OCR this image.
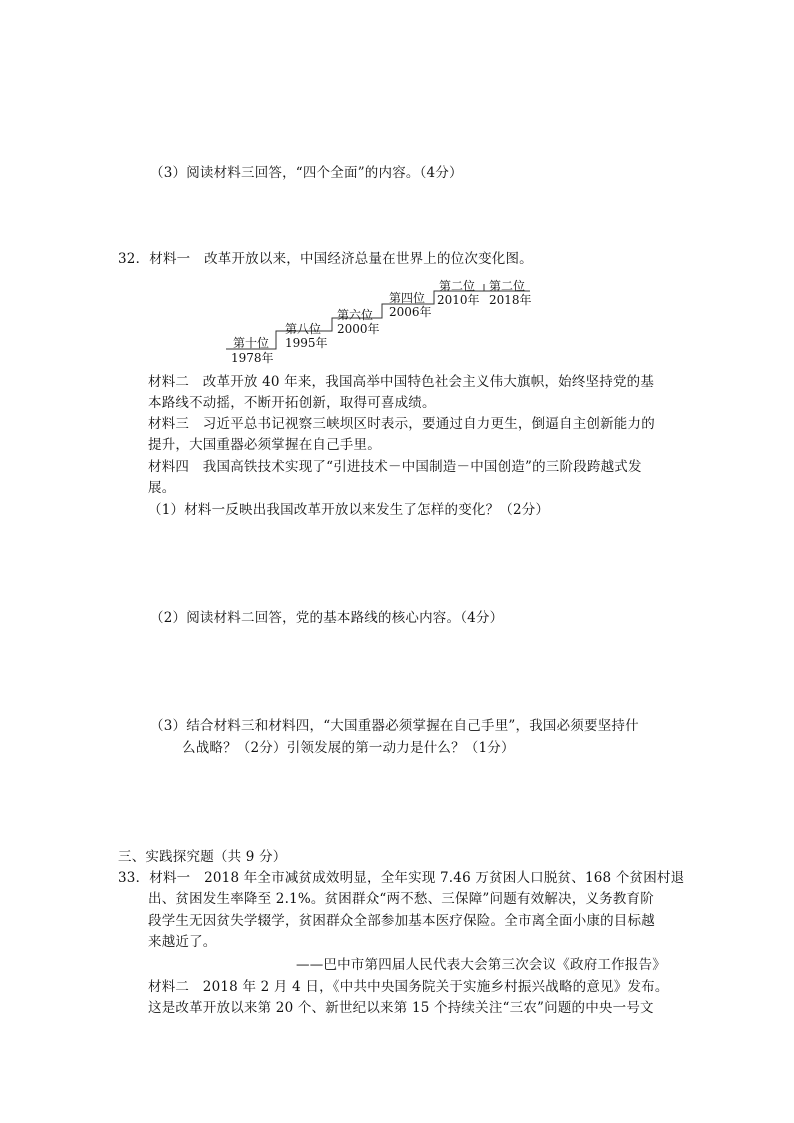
（3）阅读材料三回答，“四个全面”的内容。（4分）
32．材料一　改革开放以来，中国经济总量在世界上的位次变化图。
第十位
1978年
第八位
1995年
第六位
2000年
第四位
2006年
第二位
2010年
第二位
2018年
材料二　改革开放 40 年来，我国高举中国特色社会主义伟大旗帜，始终坚持党的基
本路线不动摇，不断开拓创新，取得可喜成绩。
材料三　习近平总书记视察三峡坝区时表示，要通过自力更生，倒逼自主创新能力的
提升，大国重器必须掌握在自己手里。
材料四　我国高铁技术实现了“引进技术－中国制造－中国创造”的三阶段跨越式发
展。
（1）材料一反映出我国改革开放以来发生了怎样的变化？（2分）
（2）阅读材料二回答，党的基本路线的核心内容。（4分）
（3）结合材料三和材料四，“大国重器必须掌握在自己手里”，我国必须要坚持什
么战略？（2分）引领发展的第一动力是什么？（1分）
三、实践探究题（共 9 分）
33．材料一　2018 年全市减贫成效明显，全年实现 7.46 万贫困人口脱贫、168 个贫困村退
出、贫困发生率降至 2.1%。贫困群众“两不愁、三保障”问题有效解决，义务教育阶
段学生无因贫失学辍学，贫困群众全部参加基本医疗保险。全市离全面小康的目标越
来越近了。
——巴中市第四届人民代表大会第三次会议《政府工作报告》
材料二　2018 年 2 月 4 日，《中共中央国务院关于实施乡村振兴战略的意见》发布。
这是改革开放以来第 20 个、新世纪以来第 15 个持续关注“三农”问题的中央一号文
